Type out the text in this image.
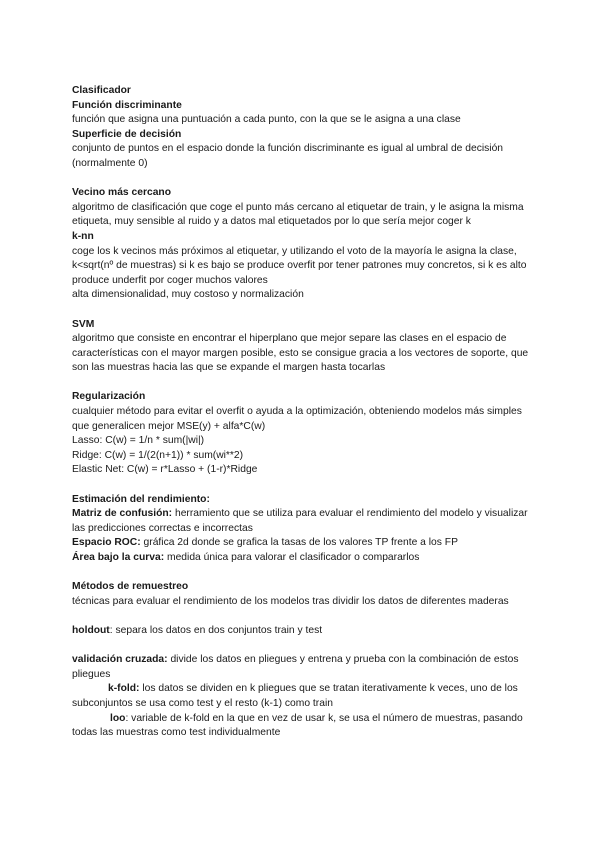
Clasificador

Función discriminante

función que asigna una puntuación a cada punto, con la que se le asigna a una clase

Superficie de decisión

conjunto de puntos en el espacio donde la función discriminante es igual al umbral de decisión (normalmente 0)

Vecino más cercano

algoritmo de clasificación que coge el punto más cercano al etiquetar de train, y le asigna la misma etiqueta, muy sensible al ruido y a datos mal etiquetados por lo que sería mejor coger k

k-nn

coge los k vecinos más próximos al etiquetar, y utilizando el voto de la mayoría le asigna la clase, k<sqrt(nº de muestras) si k es bajo se produce overfit por tener patrones muy concretos, si k es alto produce underfit por coger muchos valores

alta dimensionalidad, muy costoso y normalización

SVM

algoritmo que consiste en encontrar el hiperplano que mejor separe las clases en el espacio de características con el mayor margen posible, esto se consigue gracia a los vectores de soporte, que son las muestras hacia las que se expande el margen hasta tocarlas

Regularización

cualquier método para evitar el overfit o ayuda a la optimización, obteniendo modelos más simples que generalicen mejor MSE(y) + alfa*C(w)

Lasso: C(w) = 1/n * sum(|wi|)

Ridge: C(w) = 1/(2(n+1)) * sum(wi**2)

Elastic Net: C(w) = r*Lasso + (1-r)*Ridge

Estimación del rendimiento:

Matriz de confusión: herramiento que se utiliza para evaluar el rendimiento del modelo y visualizar las predicciones correctas e incorrectas

Espacio ROC: gráfica 2d donde se grafica la tasas de los valores TP frente a los FP

Área bajo la curva: medida única para valorar el clasificador o compararlos

Métodos de remuestreo

técnicas para evaluar el rendimiento de los modelos tras dividir los datos de diferentes maderas

holdout: separa los datos en dos conjuntos train y test

validación cruzada: divide los datos en pliegues y entrena y prueba con la combinación de estos pliegues

k-fold: los datos se dividen en k pliegues que se tratan iterativamente k veces, uno de los subconjuntos se usa como test y el resto (k-1) como train

loo: variable de k-fold en la que en vez de usar k, se usa el número de muestras, pasando todas las muestras como test individualmente
